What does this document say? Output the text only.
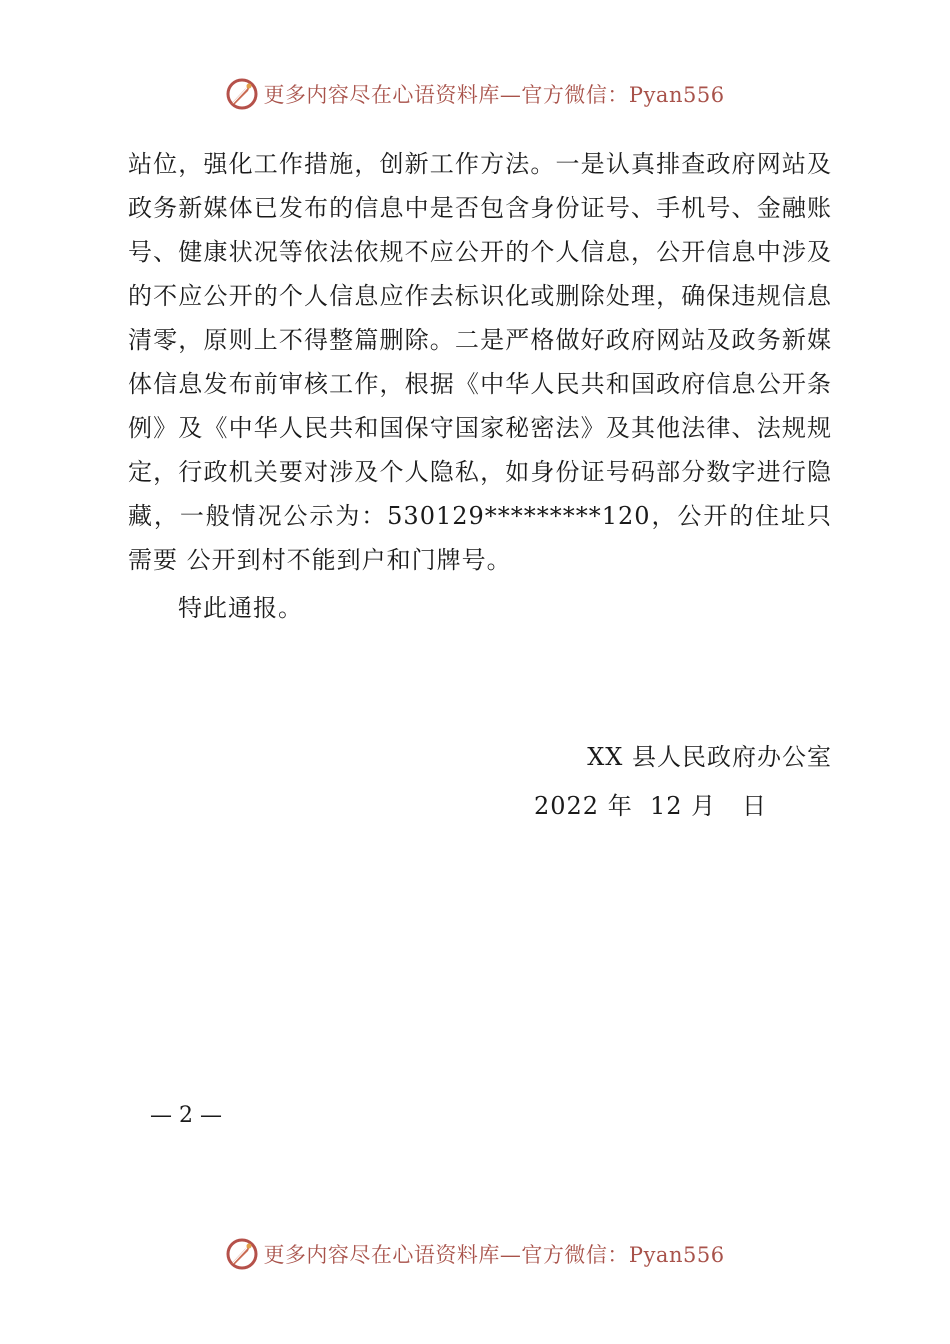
更多内容尽在心语资料库—官方微信：Pyan556

站位，强化工作措施，创新工作方法。一是认真排查政府网站及政务新媒体已发布的信息中是否包含身份证号、手机号、金融账号、健康状况等依法依规不应公开的个人信息，公开信息中涉及的不应公开的个人信息应作去标识化或删除处理，确保违规信息清零，原则上不得整篇删除。二是严格做好政府网站及政务新媒体信息发布前审核工作，根据《中华人民共和国政府信息公开条例》及《中华人民共和国保守国家秘密法》及其他法律、法规规定，行政机关要对涉及个人隐私，如身份证号码部分数字进行隐藏，一般情况公示为：530129*********120，公开的住址只需要 公开到村不能到户和门牌号。

特此通报。
XX 县人民政府办公室
2022 年  12 月   日
— 2 —
更多内容尽在心语资料库—官方微信：Pyan556
